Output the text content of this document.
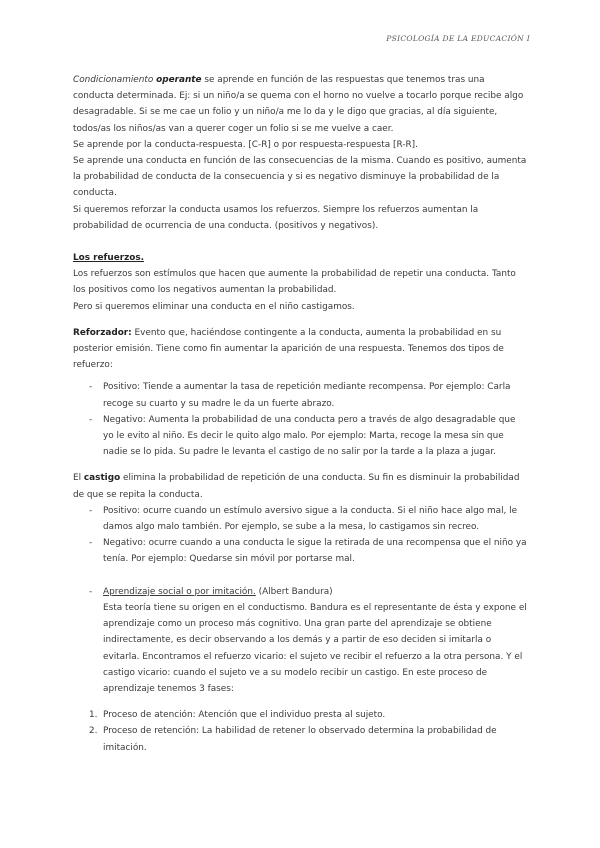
PSICOLOGÍA DE LA EDUCACIÓN I

Condicionamiento operante se aprende en función de las respuestas que tenemos tras una conducta determinada. Ej: si un niño/a se quema con el horno no vuelve a tocarlo porque recibe algo desagradable. Si se me cae un folio y un niño/a me lo da y le digo que gracias, al día siguiente, todos/as los niños/as van a querer coger un folio si se me vuelve a caer.

Se aprende por la conducta-respuesta. [C-R] o por respuesta-respuesta [R-R].

Se aprende una conducta en función de las consecuencias de la misma. Cuando es positivo, aumenta la probabilidad de conducta de la consecuencia y si es negativo disminuye la probabilidad de la conducta.

Si queremos reforzar la conducta usamos los refuerzos. Siempre los refuerzos aumentan la probabilidad de ocurrencia de una conducta. (positivos y negativos).

Los refuerzos.

Los refuerzos son estímulos que hacen que aumente la probabilidad de repetir una conducta. Tanto los positivos como los negativos aumentan la probabilidad.

Pero si queremos eliminar una conducta en el niño castigamos.

Reforzador: Evento que, haciéndose contingente a la conducta, aumenta la probabilidad en su posterior emisión. Tiene como fin aumentar la aparición de una respuesta. Tenemos dos tipos de refuerzo:

- Positivo: Tiende a aumentar la tasa de repetición mediante recompensa. Por ejemplo: Carla recoge su cuarto y su madre le da un fuerte abrazo.
- Negativo: Aumenta la probabilidad de una conducta pero a través de algo desagradable que yo le evito al niño. Es decir le quito algo malo. Por ejemplo: Marta, recoge la mesa sin que nadie se lo pida. Su padre le levanta el castigo de no salir por la tarde a la plaza a jugar.

El castigo elimina la probabilidad de repetición de una conducta. Su fin es disminuir la probabilidad de que se repita la conducta.

- Positivo: ocurre cuando un estímulo aversivo sigue a la conducta. Si el niño hace algo mal, le damos algo malo también. Por ejemplo, se sube a la mesa, lo castigamos sin recreo.
- Negativo: ocurre cuando a una conducta le sigue la retirada de una recompensa que el niño ya tenía. Por ejemplo: Quedarse sin móvil por portarse mal.
- Aprendizaje social o por imitación. (Albert Bandura)

Esta teoría tiene su origen en el conductismo. Bandura es el representante de ésta y expone el aprendizaje como un proceso más cognitivo. Una gran parte del aprendizaje se obtiene indirectamente, es decir observando a los demás y a partir de eso deciden si imitarla o evitarla. Encontramos el refuerzo vicario: el sujeto ve recibir el refuerzo a la otra persona. Y el castigo vicario: cuando el sujeto ve a su modelo recibir un castigo. En este proceso de aprendizaje tenemos 3 fases:

1. Proceso de atención: Atención que el individuo presta al sujeto.
2. Proceso de retención: La habilidad de retener lo observado determina la probabilidad de imitación.
